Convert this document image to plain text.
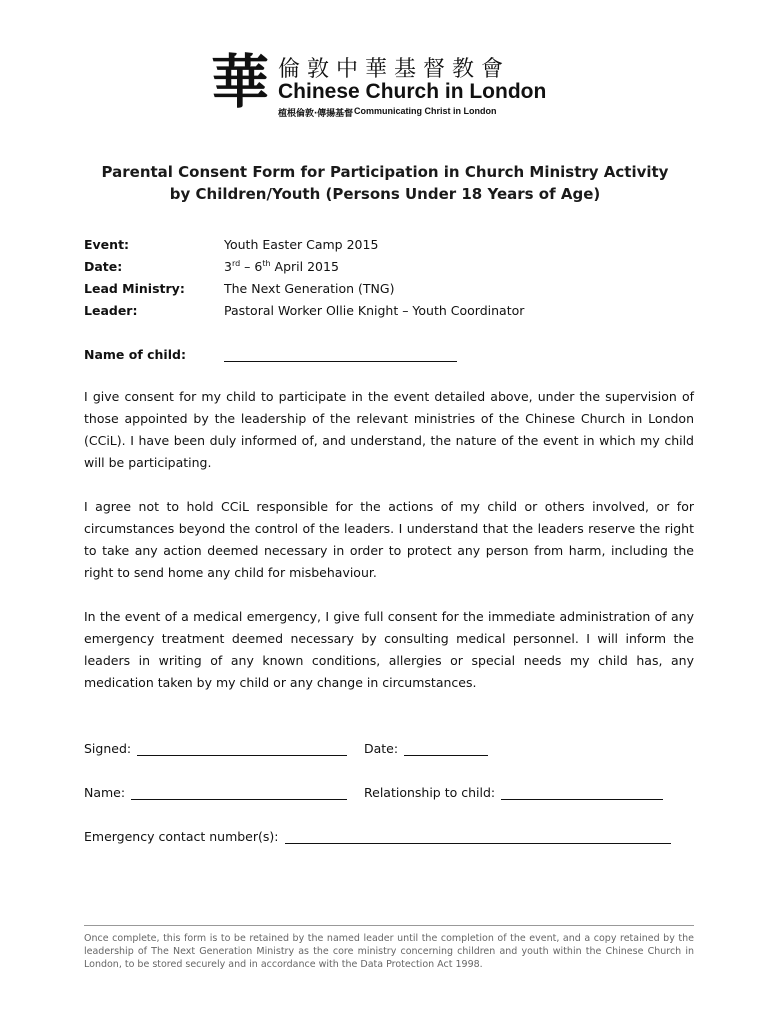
華 倫敦中華基督教會
Chinese Church in London
植根倫敦‧傳揚基督 Communicating Christ in London
Parental Consent Form for Participation in Church Ministry Activity
by Children/Youth (Persons Under 18 Years of Age)
Event:	Youth Easter Camp 2015
Date:	3rd – 6th April 2015
Lead Ministry:	The Next Generation (TNG)
Leader:	Pastoral Worker Ollie Knight – Youth Coordinator
Name of child:
I give consent for my child to participate in the event detailed above, under the supervision of those appointed by the leadership of the relevant ministries of the Chinese Church in London (CCiL). I have been duly informed of, and understand, the nature of the event in which my child will be participating.
I agree not to hold CCiL responsible for the actions of my child or others involved, or for circumstances beyond the control of the leaders. I understand that the leaders reserve the right to take any action deemed necessary in order to protect any person from harm, including the right to send home any child for misbehaviour.
In the event of a medical emergency, I give full consent for the immediate administration of any emergency treatment deemed necessary by consulting medical personnel. I will inform the leaders in writing of any known conditions, allergies or special needs my child has, any medication taken by my child or any change in circumstances.
Signed:	Date:
Name:	Relationship to child:
Emergency contact number(s):
Once complete, this form is to be retained by the named leader until the completion of the event, and a copy retained by the leadership of The Next Generation Ministry as the core ministry concerning children and youth within the Chinese Church in London, to be stored securely and in accordance with the Data Protection Act 1998.
